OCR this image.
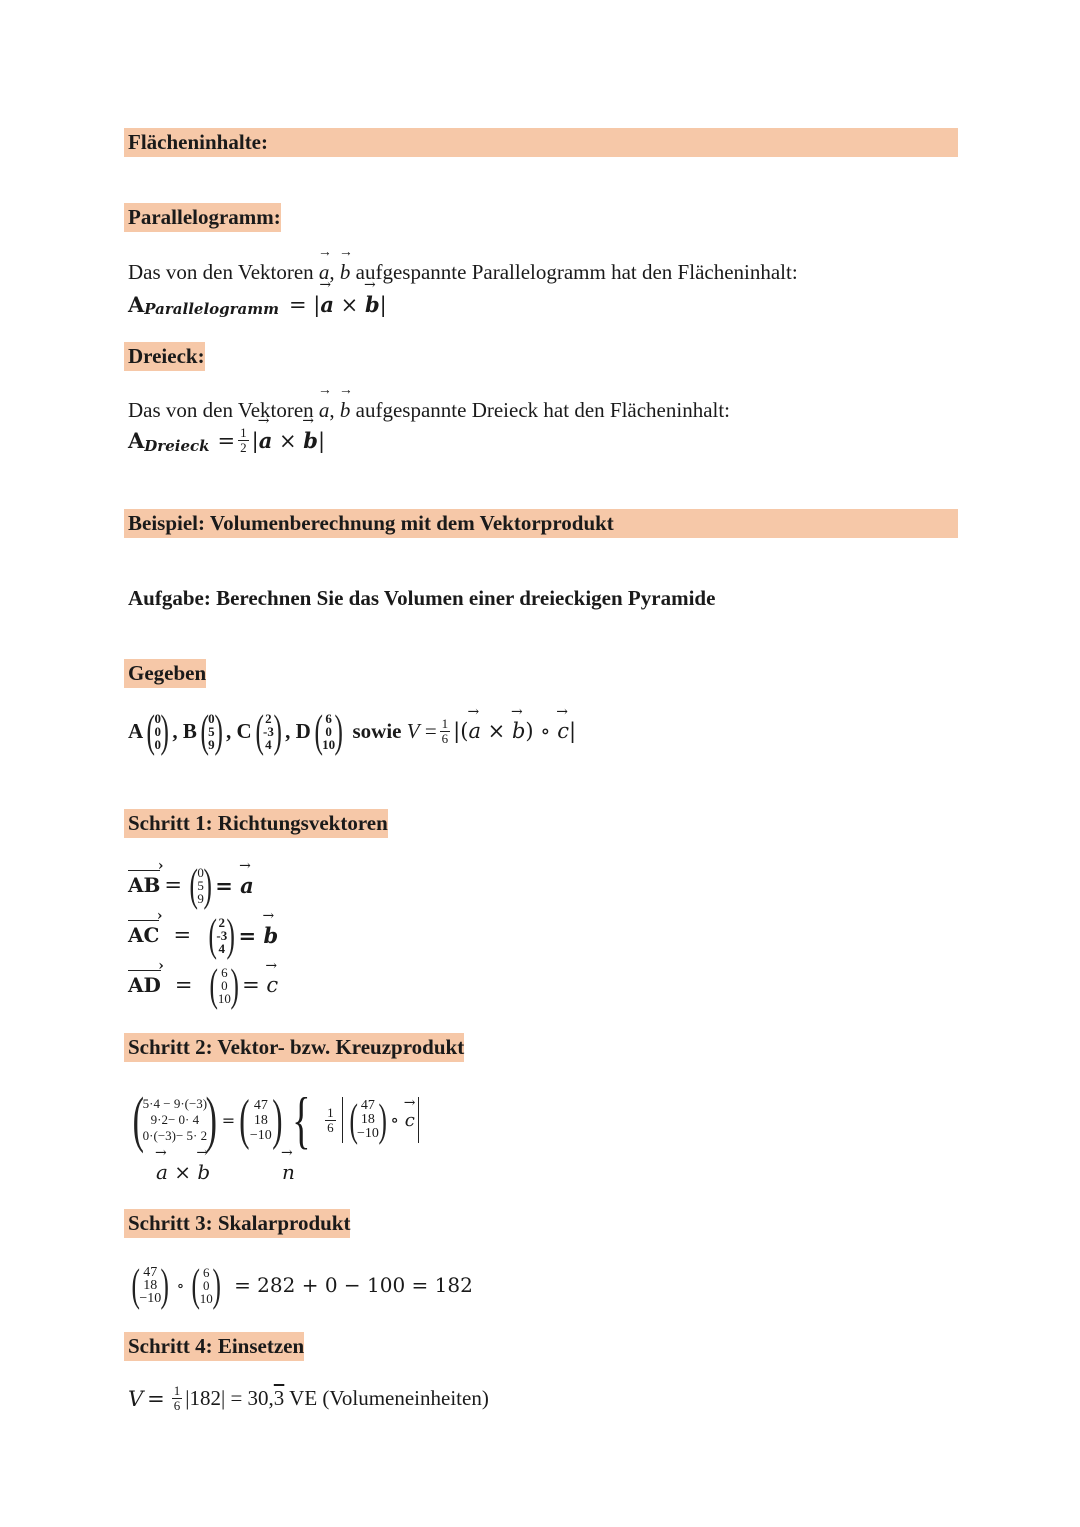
Flächeninhalte:
Parallelogramm:
Das von den Vektoren → a, → b aufgespannte Parallelogramm hat den Flächeninhalt:
A Parallelogramm = |→ a × → b|
Dreieck:
Das von den Vektoren → a, → b aufgespannte Dreieck hat den Flächeninhalt:
A Dreieck = $\frac{1}{2}$ |→ a × → b|
Beispiel: Volumenberechnung mit dem Vektorprodukt
Aufgabe: Berechnen Sie das Volumen einer dreieckigen Pyramide
Gegeben
A ( 0
0
0 ) , B ( 0
5
9 ) , C ( 2
-3
4 ) , D ( 6
0
10 ) sowie $V = \frac{1}{6}$ |(→ a × → b) ∘ → c|
Schritt 1: Richtungsvektoren
AB › = ( 0
5
9 ) = → a
AC › = ( 2
-3
4 ) = → b
AD › = ( 6
0
10 ) = → c
Schritt 2: Vektor- bzw. Kreuzprodukt
(
5·4 − 9·(−3)
9·2− 0· 4
0·(−3)− 5· 2
) = ( 47
18
−10 ) { $\frac{1}{6}$ ( 47
18
−10 ) ∘ → c
→ a × → b	→ n
Schritt 3: Skalarprodukt
( 47
18
−10 ) ∘ ( 6
0
10 ) = 282 + 0 − 100 = 182
Schritt 4: Einsetzen
$V = \frac{1}{6} |182| = 30,3$ VE (Volumeneinheiten)
